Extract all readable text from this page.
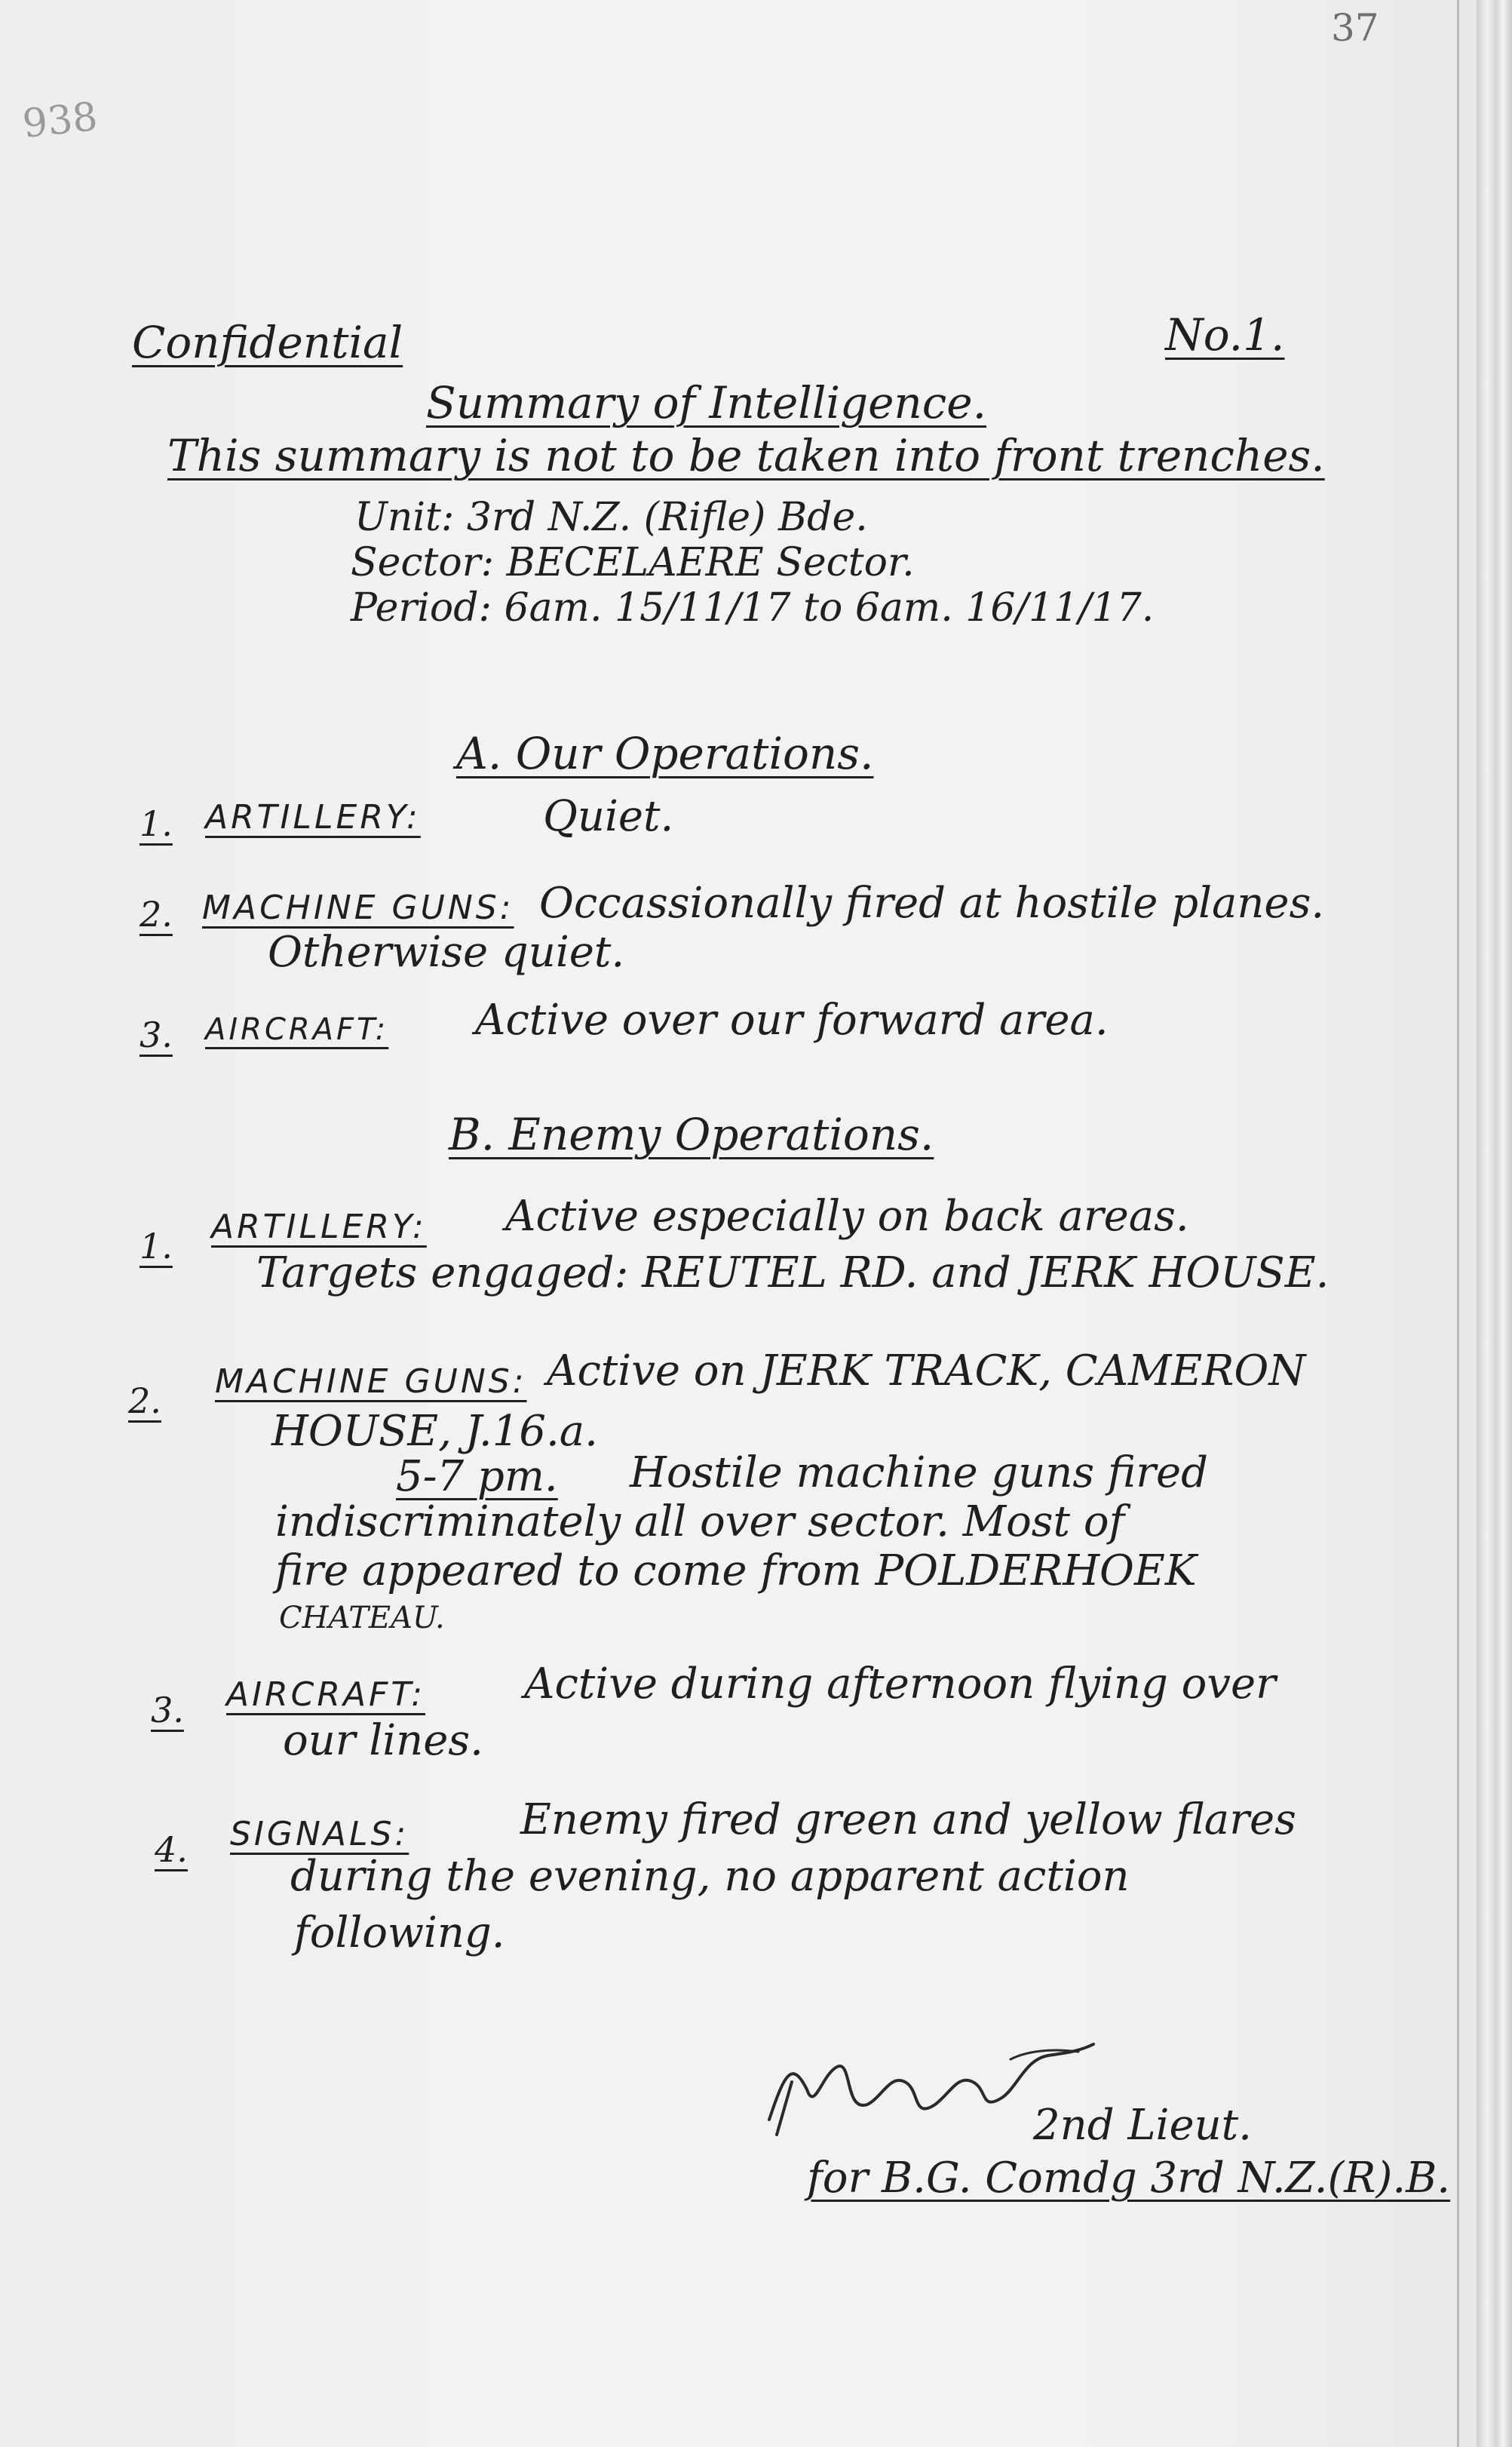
37
938
Confidential	No.1.
Summary of Intelligence.
This summary is not to be taken into front trenches.
Unit: 3rd N.Z. (Rifle) Bde.
Sector: BECELAERE Sector.
Period: 6am. 15/11/17 to 6am. 16/11/17.
A. Our Operations.
1. ARTILLERY:	Quiet.
2. MACHINE GUNS: Occassionally fired at hostile planes.
Otherwise quiet.
3. AIRCRAFT: Active over our forward area.
B. Enemy Operations.
1. ARTILLERY: Active especially on back areas.
Targets engaged: REUTEL RD. and JERK HOUSE.
2. MACHINE GUNS: Active on JERK TRACK, CAMERON
HOUSE, J.16.a.
5-7 pm. Hostile machine guns fired
indiscriminately all over sector. Most of
fire appeared to come from POLDERHOEK
CHATEAU.
3. AIRCRAFT: Active during afternoon flying over
our lines.
4. SIGNALS:	Enemy fired green and yellow flares
during the evening, no apparent action
following.
2nd Lieut.
for B.G. Comdg 3rd N.Z.(R).B.
